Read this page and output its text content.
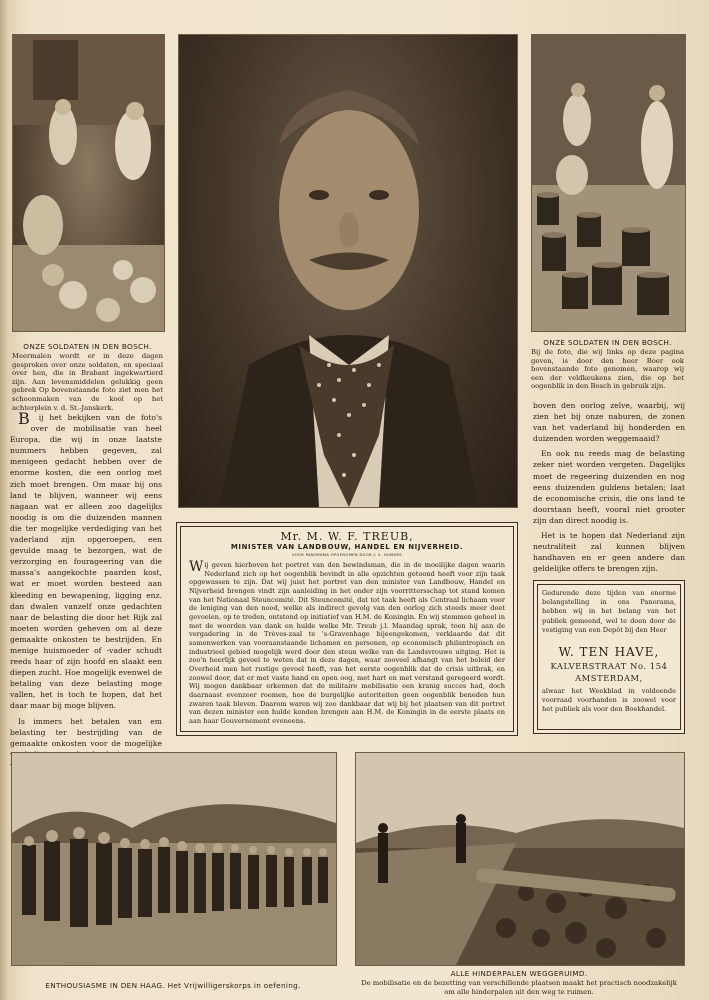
ONZE SOLDATEN IN DEN BOSCH.
Meermalen wordt er in deze dagen gesproken over onze soldaten, en speciaal over hen, die in Brabant ingekwartierd zijn. Aan levensmiddelen gelukkig geen gebrek Op bovenstaande foto ziet men het schoonmaken van de kool op het achterplein v. d. St.-Janskerk.
ONZE SOLDATEN IN DEN BOSCH.
Bij de foto, die wij links op deze pagina geven, is door den heer Boer ook bovenstaande foto genomen, waarop wij een der veldkeukens zien, die op het oogenblik in den Bosch in gebruik zijn.

Bij het bekijken van de foto's over de mobilisatie van heel Europa, die wij in onze laatste nummers hebben gegeven, zal menigeen gedacht hebben over de enorme kosten, die een oorlog met zich moet brengen. Om maar bij ons land te blijven, wanneer wij eens nagaan wat er alleen zoo dagelijks noodig is om die duizenden mannen die ter mogelijke verdediging van het vaderland zijn opgeroepen, een gevulde maag te bezorgen, wat de verzorging en fourageering van die massa's aangekochte paarden kost, wat er moet worden besteed aan kleeding en bewapening, ligging enz. dan dwalen vanzelf onze gedachten naar de belasting die door het Rijk zal moeten worden geheven om al deze gemaakte onkosten te bestrijden. En menige huismoeder of -vader schudt reeds haar of zijn hoofd en slaakt een diepen zucht. Hoe mogelijk evenwel de betaling van deze belasting moge vallen, het is toch te hopen, dat het daar maar bij moge blijven.

Is immers het betalen van em belasting ter bestrijding van de gemaakte onkosten voor de mogelijke

boven den oorlog zelve, waarbij, wij zien het bij onze naburen, de zonen van het vaderland bij honderden en duizenden worden weggemaaid?

En ook nu reeds mag de belasting zeker niet worden vergeten. Dagelijks moet de regeering duizenden en nog eens duizenden guldens betalen; laat de economische crisis, die ons land te doorstaan heeft, vooral niet grooter zijn dan direct noodig is.

Het is te hopen dat Nederland zijn neutraliteit zal kunnen blijven handhaven en er geen andere dan geldelijke offers te brengen zijn.

Mr. M. W. F. TREUB,
MINISTER VAN LANDBOUW, HANDEL EN NIJVERHEID.
VOOR PANORAMA OPGENOMEN DOOR J. S. HUMARS
Wij geven hierboven het portret van den bewindsman, die in de moeilijke dagen waarin Nederland zich op het oogenblik bevindt in alle opzichten getoond heeft voor zijn taak opgewassen te zijn. Dat wij juist het portret van den minister van Landbouw, Handel en Nijverheid brengen vindt zijn aanleiding in het onder zijn voorrittersschap tot stand komen van het Nationaal Steuncomité. Dit Steuncomité, dat tot taak heeft als Centraal lichaam voor de leniging van den nood, welke als indirect gevolg van den oorlog zich steeds meer doet gevoelen, op te treden, ontstond op initiatief van H.M. de Koningin. En wij stemmen geheel in met de woorden van dank en hulde welke Mr. Treub j.l. Maandag sprak, toen hij aan de vergadering in de Trèves-zaal te 's-Gravenhage bijeengekomen, verklaarde dat dit samenwerken van vooraanstaande lichamen en personen, op economisch philantropisch en industrieel gebied mogelijk werd door den steun welke van de Landsvrouwe uitging. Het is zoo'n heerlijk gevoel te weten dat in deze dagen, waar zooveel afhangt van het beleid der Overheid men het rustige gevoel heeft, van het eerste oogenblik dat de crisis uitbrak, en zoowel door, dat er met vaste hand en open oog, met hart en met verstand geregeerd wordt. Wij mogen dankbaar erkennen dat de militaire mobilisatie een kranig succes had, doch daarnaast evenzeer roemen, hoe de burgelijke autoriteiten geen oogenblik beneden hun zwaren taak bleven. Daarom waren wij zoo dankbaar dat wij bij het plaatsen van dit portret van dezen minister een hulde konden brengen aan H.M. de Koningin in de eerste plaats en aan haar Gouvernement eveneens.
Gedurende deze tijden van enorme belangstelling in ons Panorama, hebben wij in het belang van het publiek gemeend, wel te doen door de vestiging van een Depôt bij den Heer
W. TEN HAVE,
KALVERSTRAAT No. 154
AMSTERDAM,
alwaar het Weekblad in voldoende voorraad voorhanden is zoowel voor het publiek als voor den Boekhandel.
ENTHOUSIASME IN DEN HAAG. Het Vrijwilligerskorps in oefening.
ALLE HINDERPALEN WEGGERUIMD.
De mobilisatie en de bezetting van verschillende plaatsen maakt het practisch noodzakelijk om alle hinderpalen uit den weg te ruimen.
